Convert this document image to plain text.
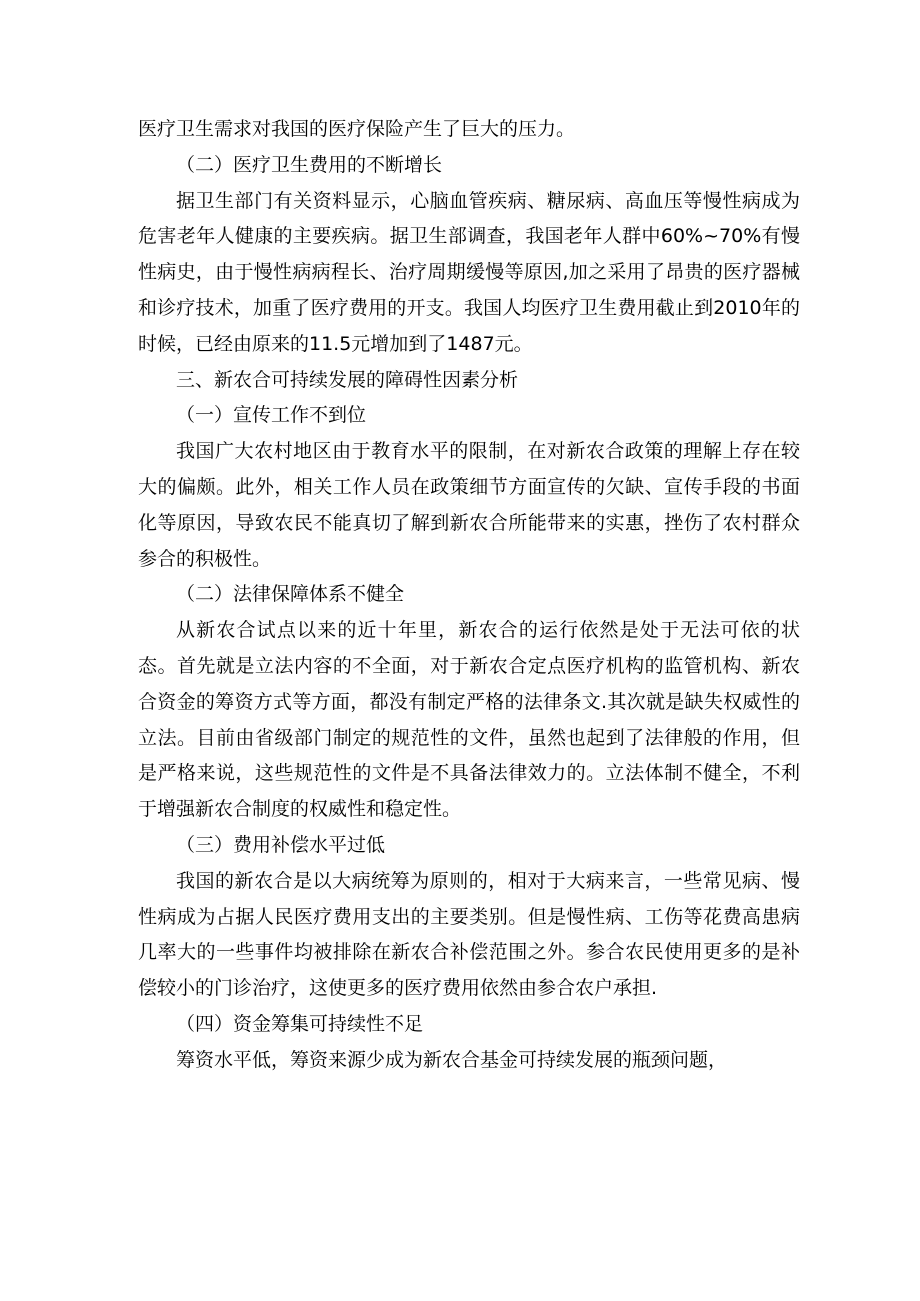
医疗卫生需求对我国的医疗保险产生了巨大的压力。

（二）医疗卫生费用的不断增长

据卫生部门有关资料显示，心脑血管疾病、糖尿病、高血压等慢性病成为危害老年人健康的主要疾病。据卫生部调查，我国老年人群中60%~70%有慢性病史，由于慢性病病程长、治疗周期缓慢等原因,加之采用了昂贵的医疗器械和诊疗技术，加重了医疗费用的开支。我国人均医疗卫生费用截止到2010年的时候，已经由原来的11.5元增加到了1487元。

三、新农合可持续发展的障碍性因素分析

（一）宣传工作不到位

我国广大农村地区由于教育水平的限制，在对新农合政策的理解上存在较大的偏颇。此外，相关工作人员在政策细节方面宣传的欠缺、宣传手段的书面化等原因，导致农民不能真切了解到新农合所能带来的实惠，挫伤了农村群众参合的积极性。

（二）法律保障体系不健全

从新农合试点以来的近十年里，新农合的运行依然是处于无法可依的状态。首先就是立法内容的不全面，对于新农合定点医疗机构的监管机构、新农合资金的筹资方式等方面，都没有制定严格的法律条文.其次就是缺失权威性的立法。目前由省级部门制定的规范性的文件，虽然也起到了法律般的作用，但是严格来说，这些规范性的文件是不具备法律效力的。立法体制不健全，不利于增强新农合制度的权威性和稳定性。

（三）费用补偿水平过低

我国的新农合是以大病统筹为原则的，相对于大病来言，一些常见病、慢性病成为占据人民医疗费用支出的主要类别。但是慢性病、工伤等花费高患病几率大的一些事件均被排除在新农合补偿范围之外。参合农民使用更多的是补偿较小的门诊治疗，这使更多的医疗费用依然由参合农户承担.

（四）资金筹集可持续性不足

筹资水平低，筹资来源少成为新农合基金可持续发展的瓶颈问题，
